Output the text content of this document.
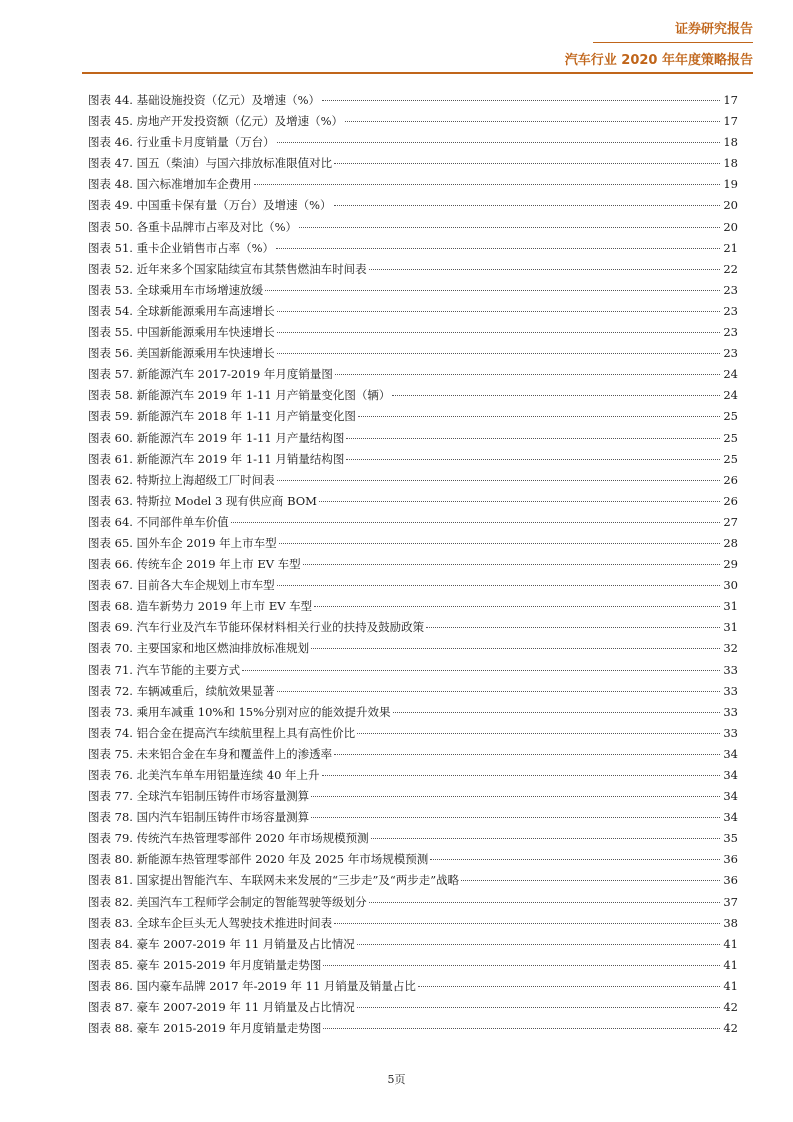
证券研究报告
汽车行业 2020 年年度策略报告
图表 44. 基础设施投资（亿元）及增速（%）	17
图表 45. 房地产开发投资额（亿元）及增速（%）	17
图表 46. 行业重卡月度销量（万台）	18
图表 47. 国五（柴油）与国六排放标准限值对比	18
图表 48. 国六标准增加车企费用	19
图表 49. 中国重卡保有量（万台）及增速（%）	20
图表 50. 各重卡品牌市占率及对比（%）	20
图表 51. 重卡企业销售市占率（%）	21
图表 52. 近年来多个国家陆续宣布其禁售燃油车时间表	22
图表 53. 全球乘用车市场增速放缓	23
图表 54. 全球新能源乘用车高速增长	23
图表 55. 中国新能源乘用车快速增长	23
图表 56. 美国新能源乘用车快速增长	23
图表 57. 新能源汽车 2017-2019 年月度销量图	24
图表 58. 新能源汽车 2019 年 1-11 月产销量变化图（辆）	24
图表 59. 新能源汽车 2018 年 1-11 月产销量变化图	25
图表 60. 新能源汽车 2019 年 1-11 月产量结构图	25
图表 61. 新能源汽车 2019 年 1-11 月销量结构图	25
图表 62. 特斯拉上海超级工厂时间表	26
图表 63. 特斯拉 Model 3 现有供应商 BOM	26
图表 64. 不同部件单车价值	27
图表 65. 国外车企 2019 年上市车型	28
图表 66. 传统车企 2019 年上市 EV 车型	29
图表 67. 目前各大车企规划上市车型	30
图表 68. 造车新势力 2019 年上市 EV 车型	31
图表 69. 汽车行业及汽车节能环保材料相关行业的扶持及鼓励政策	31
图表 70. 主要国家和地区燃油排放标准规划	32
图表 71. 汽车节能的主要方式	33
图表 72. 车辆减重后，续航效果显著	33
图表 73. 乘用车减重 10%和 15%分别对应的能效提升效果	33
图表 74. 铝合金在提高汽车续航里程上具有高性价比	33
图表 75. 未来铝合金在车身和覆盖件上的渗透率	34
图表 76. 北美汽车单车用铝量连续 40 年上升	34
图表 77. 全球汽车铝制压铸件市场容量测算	34
图表 78. 国内汽车铝制压铸件市场容量测算	34
图表 79. 传统汽车热管理零部件 2020 年市场规模预测	35
图表 80. 新能源车热管理零部件 2020 年及 2025 年市场规模预测	36
图表 81. 国家提出智能汽车、车联网未来发展的“三步走”及“两步走”战略	36
图表 82. 美国汽车工程师学会制定的智能驾驶等级划分	37
图表 83. 全球车企巨头无人驾驶技术推进时间表	38
图表 84. 豪车 2007-2019 年 11 月销量及占比情况	41
图表 85. 豪车 2015-2019 年月度销量走势图	41
图表 86. 国内豪车品牌 2017 年-2019 年 11 月销量及销量占比	41
图表 87. 豪车 2007-2019 年 11 月销量及占比情况	42
图表 88. 豪车 2015-2019 年月度销量走势图	42
5页
